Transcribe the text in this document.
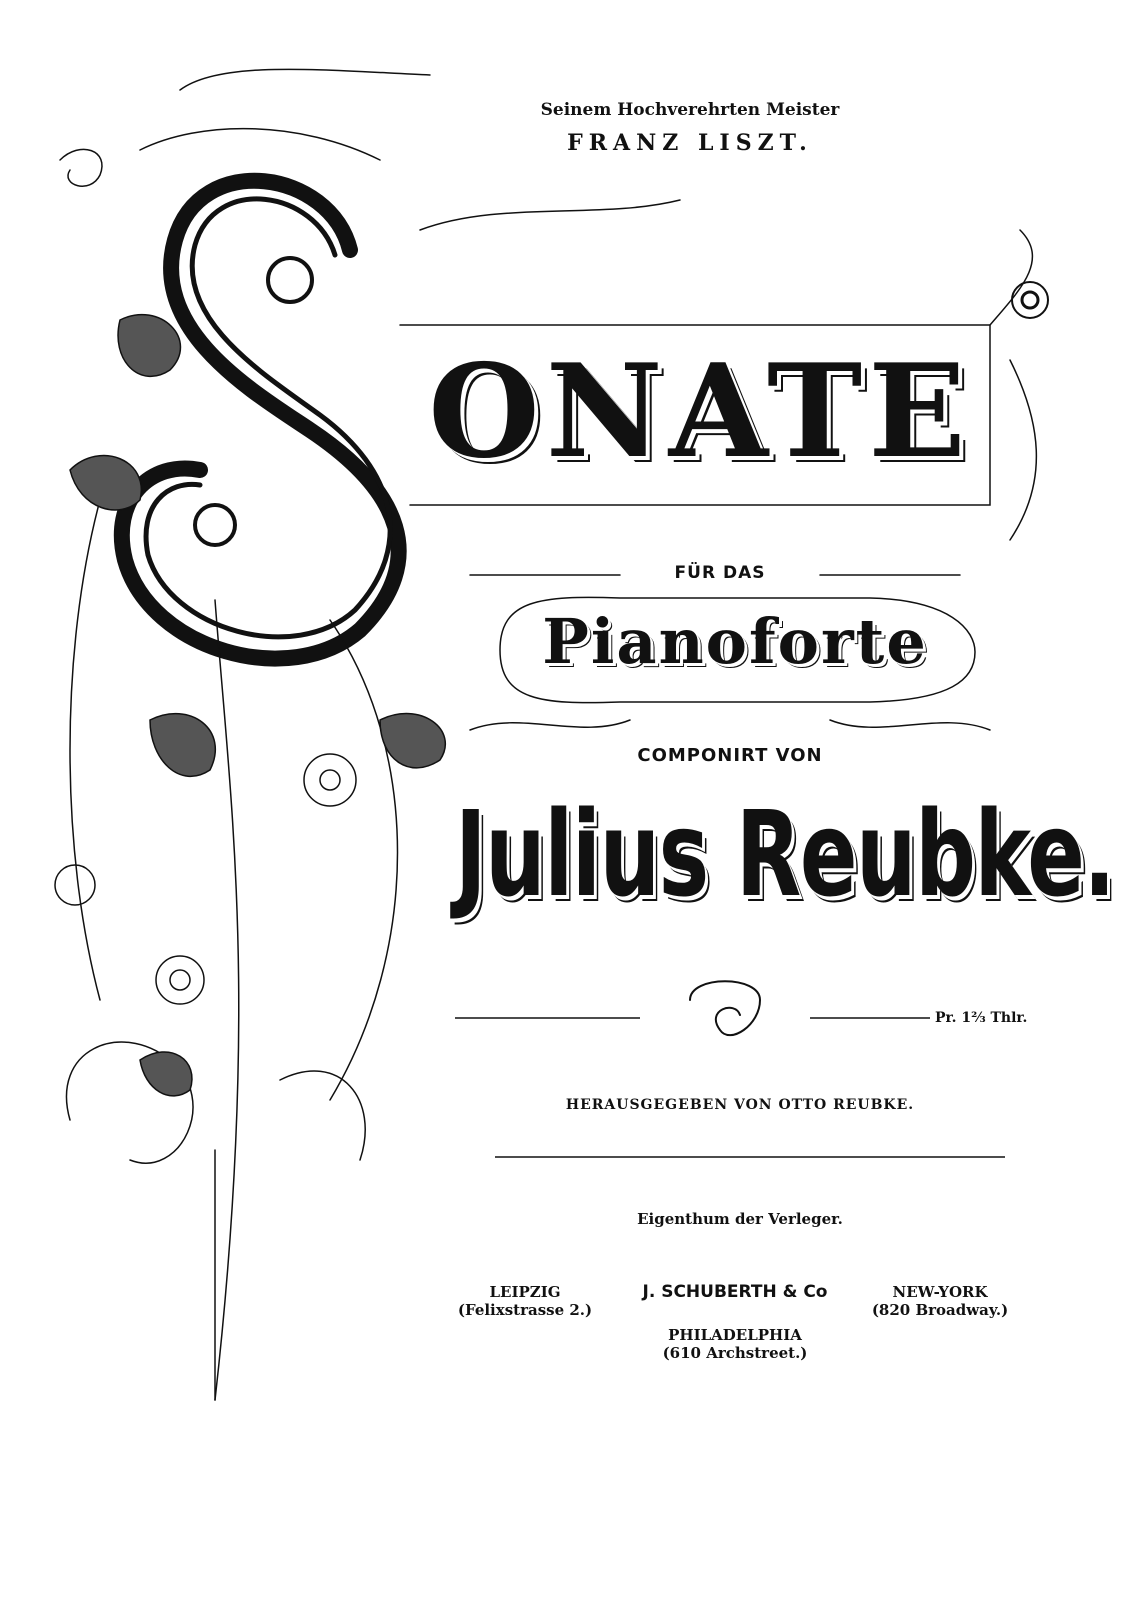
Seinem Hochverehrten Meister
FRANZ LISZT.
ONATE
FÜR DAS
Pianoforte
COMPONIRT VON
Julius Reubke.
Pr. 1⅔ Thlr.
HERAUSGEGEBEN VON OTTO REUBKE.
Eigenthum der Verleger.
LEIPZIG
(Felixstrasse 2.)
J. SCHUBERTH & Co	NEW-YORK
(820 Broadway.)
PHILADELPHIA
(610 Archstreet.)
